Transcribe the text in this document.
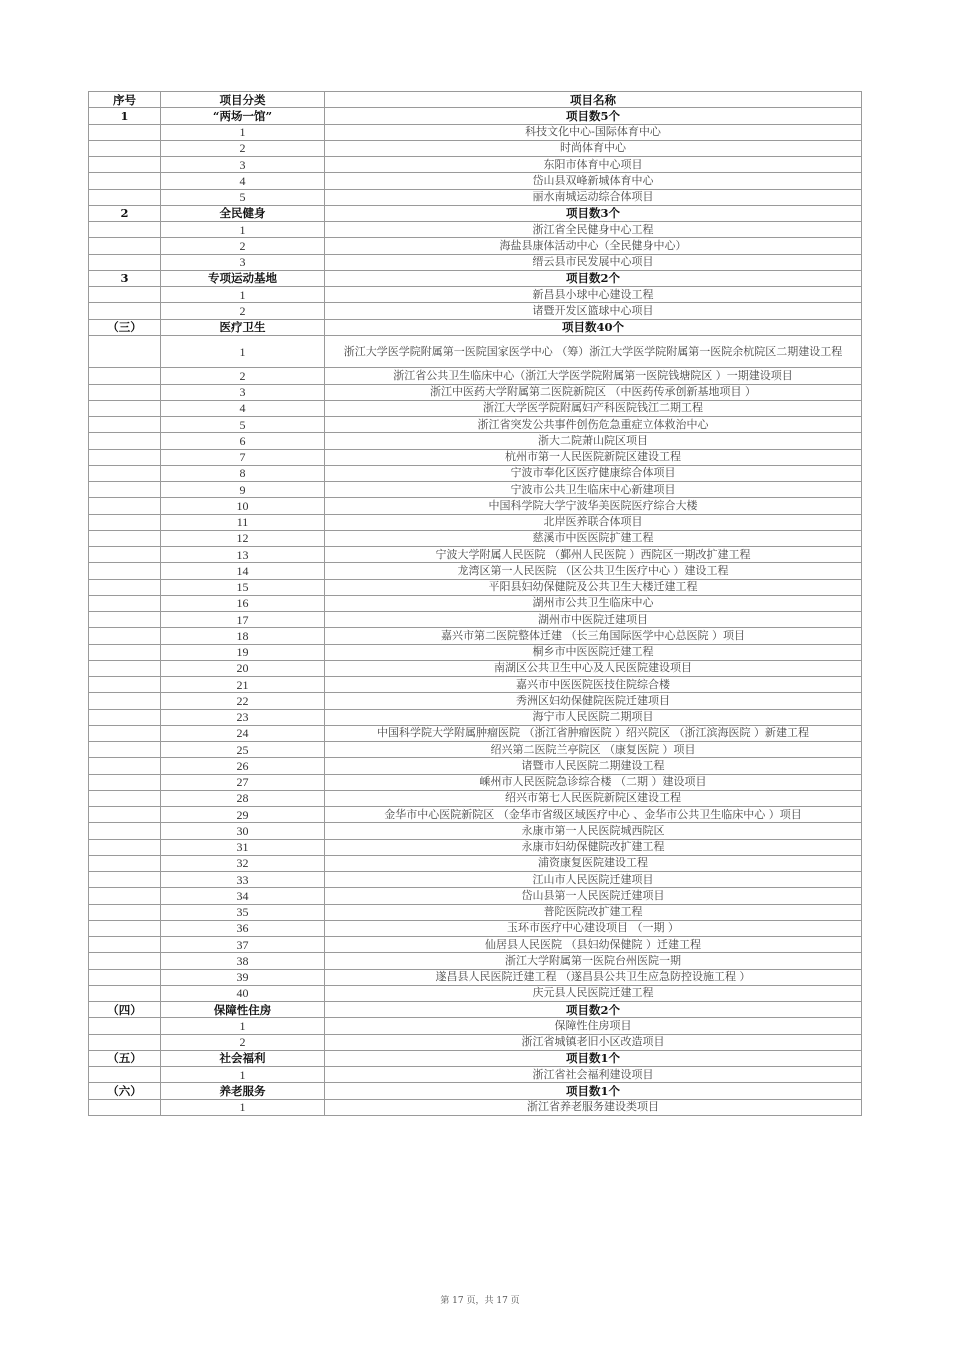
序号	项目分类	项目名称
1	“两场一馆”	项目数5个
	1	科技文化中心-国际体育中心
	2	时尚体育中心
	3	东阳市体育中心项目
	4	岱山县双峰新城体育中心
	5	丽水南城运动综合体项目
2	全民健身	项目数3个
	1	浙江省全民健身中心工程
	2	海盐县康体活动中心（全民健身中心）
	3	缙云县市民发展中心项目
3	专项运动基地	项目数2个
	1	新昌县小球中心建设工程
	2	诸暨开发区篮球中心项目
（三）	医疗卫生	项目数40个
	1	浙江大学医学院附属第一医院国家医学中心 （筹）浙江大学医学院附属第一医院余杭院区二期建设工程
	2	浙江省公共卫生临床中心（浙江大学医学院附属第一医院钱塘院区 ）一期建设项目
	3	浙江中医药大学附属第二医院新院区 （中医药传承创新基地项目 ）
	4	浙江大学医学院附属妇产科医院钱江二期工程
	5	浙江省突发公共事件创伤危急重症立体救治中心
	6	浙大二院萧山院区项目
	7	杭州市第一人民医院新院区建设工程
	8	宁波市奉化区医疗健康综合体项目
	9	宁波市公共卫生临床中心新建项目
	10	中国科学院大学宁波华美医院医疗综合大楼
	11	北岸医养联合体项目
	12	慈溪市中医医院扩建工程
	13	宁波大学附属人民医院 （鄞州人民医院 ）西院区一期改扩建工程
	14	龙湾区第一人民医院 （区公共卫生医疗中心 ）建设工程
	15	平阳县妇幼保健院及公共卫生大楼迁建工程
	16	湖州市公共卫生临床中心
	17	湖州市中医院迁建项目
	18	嘉兴市第二医院整体迁建 （长三角国际医学中心总医院 ）项目
	19	桐乡市中医医院迁建工程
	20	南湖区公共卫生中心及人民医院建设项目
	21	嘉兴市中医医院医技住院综合楼
	22	秀洲区妇幼保健院医院迁建项目
	23	海宁市人民医院二期项目
	24	中国科学院大学附属肿瘤医院 （浙江省肿瘤医院 ）绍兴院区 （浙江滨海医院 ）新建工程
	25	绍兴第二医院兰亭院区 （康复医院 ）项目
	26	诸暨市人民医院二期建设工程
	27	嵊州市人民医院急诊综合楼 （二期 ）建设项目
	28	绍兴市第七人民医院新院区建设工程
	29	金华市中心医院新院区 （金华市省级区域医疗中心 、金华市公共卫生临床中心 ）项目
	30	永康市第一人民医院城西院区
	31	永康市妇幼保健院改扩建工程
	32	浦资康复医院建设工程
	33	江山市人民医院迁建项目
	34	岱山县第一人民医院迁建项目
	35	普陀医院改扩建工程
	36	玉环市医疗中心建设项目 （一期 ）
	37	仙居县人民医院 （县妇幼保健院 ）迁建工程
	38	浙江大学附属第一医院台州医院一期
	39	遂昌县人民医院迁建工程 （遂昌县公共卫生应急防控设施工程 ）
	40	庆元县人民医院迁建工程
（四）	保障性住房	项目数2个
	1	保障性住房项目
	2	浙江省城镇老旧小区改造项目
（五）	社会福利	项目数1个
	1	浙江省社会福利建设项目
（六）	养老服务	项目数1个
	1	浙江省养老服务建设类项目
第 17 页，共 17 页
